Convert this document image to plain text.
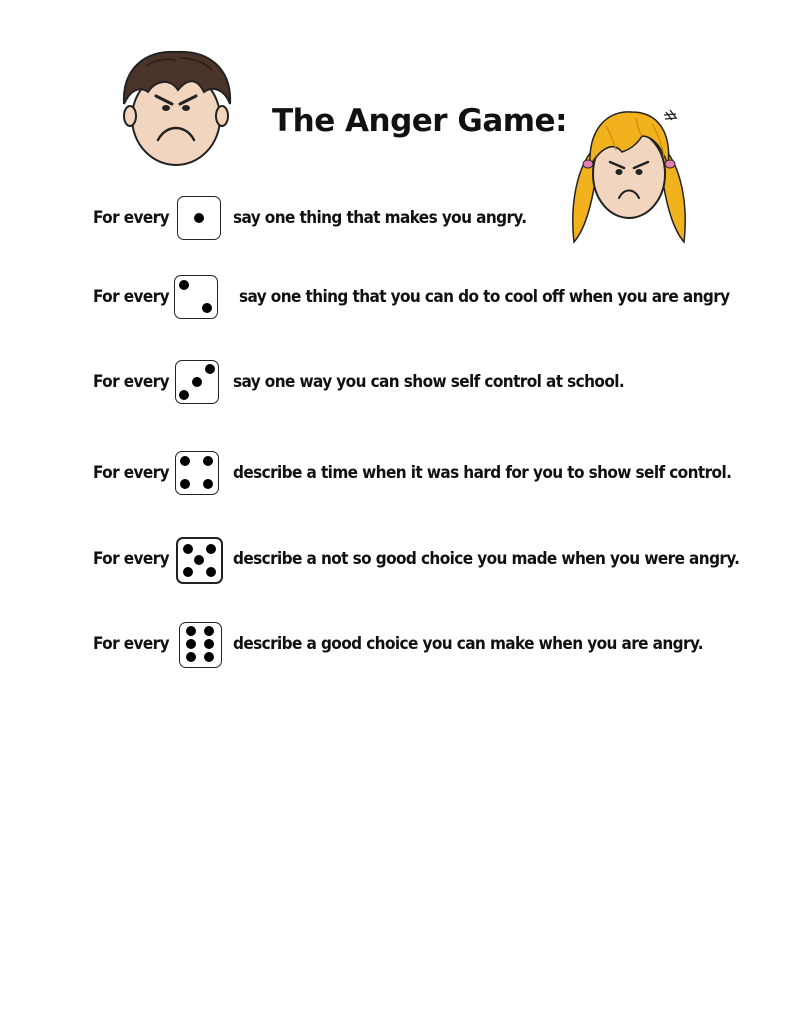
The Anger Game:
For every	say one thing that makes you angry.
For every	say one thing that you can do to cool off when you are angry
For every	say one way you can show self control at school.
For every	describe a time when it was hard for you to show self control.
For every	describe a not so good choice you made when you were angry.
For every	describe a good choice you can make when you are angry.
